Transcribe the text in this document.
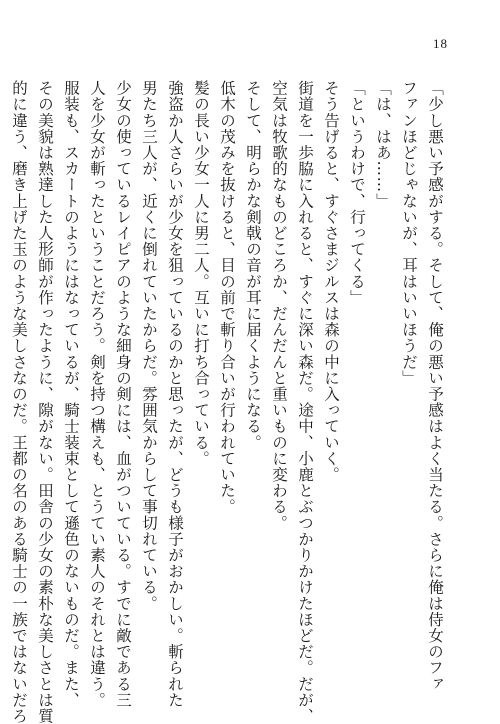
18
「少し悪い予感がする。そして、俺の悪い予感はよく当たる。さらに俺は侍女のファ
ファンほどじゃないが、耳はいいほうだ」
「は、はあ……」
「というわけで、行ってくる」
そう告げると、すぐさまジルスは森の中に入っていく。
街道を一歩脇に入れると、すぐに深い森だ。途中、小鹿とぶつかりかけたほどだ。だが、
空気は牧歌的なものどころか、だんだんと重いものに変わる。
そして、明らかな剣戟の音が耳に届くようになる。
低木の茂みを抜けると、目の前で斬り合いが行われていた。
髪の長い少女一人に男二人。互いに打ち合っている。
強盗か人さらいが少女を狙っているのかと思ったが、どうも様子がおかしい。斬られた
男たち三人が、近くに倒れていたからだ。雰囲気からして事切れている。
少女の使っているレイピアのような細身の剣には、血がついている。すでに敵である三
人を少女が斬ったということだろう。剣を持つ構えも、とうてい素人のそれとは違う。
服装も、スカートのようにはなっているが、騎士装束として遜色のないものだ。また、
その美貌は熟達した人形師が作ったように、隙がない。田舎の少女の素朴な美しさとは質
的に違う、磨き上げた玉のような美しさなのだ。王都の名のある騎士の一族ではないだろ
